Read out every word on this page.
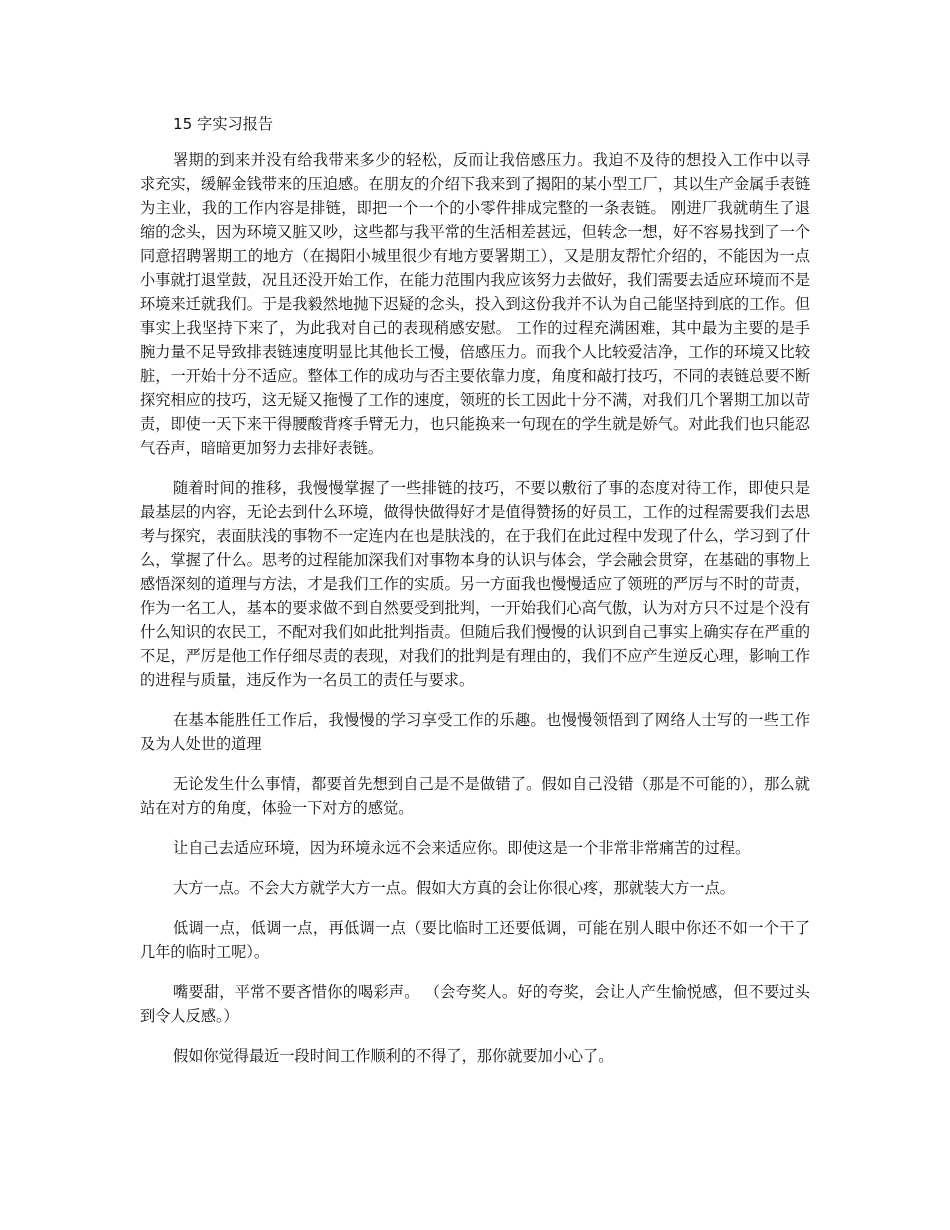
15 字实习报告

署期的到来并没有给我带来多少的轻松，反而让我倍感压力。我迫不及待的想投入工作中以寻求充实，缓解金钱带来的压迫感。在朋友的介绍下我来到了揭阳的某小型工厂，其以生产金属手表链为主业，我的工作内容是排链，即把一个一个的小零件排成完整的一条表链。 刚进厂我就萌生了退缩的念头，因为环境又脏又吵，这些都与我平常的生活相差甚远，但转念一想，好不容易找到了一个同意招聘署期工的地方（在揭阳小城里很少有地方要署期工），又是朋友帮忙介绍的，不能因为一点小事就打退堂鼓，况且还没开始工作，在能力范围内我应该努力去做好，我们需要去适应环境而不是环境来迁就我们。于是我毅然地抛下迟疑的念头，投入到这份我并不认为自己能坚持到底的工作。但事实上我坚持下来了，为此我对自己的表现稍感安慰。 工作的过程充满困难，其中最为主要的是手腕力量不足导致排表链速度明显比其他长工慢，倍感压力。而我个人比较爱洁净，工作的环境又比较脏，一开始十分不适应。整体工作的成功与否主要依靠力度，角度和敲打技巧，不同的表链总要不断探究相应的技巧，这无疑又拖慢了工作的速度，领班的长工因此十分不满，对我们几个署期工加以苛责，即使一天下来干得腰酸背疼手臂无力，也只能换来一句现在的学生就是娇气。对此我们也只能忍气吞声，暗暗更加努力去排好表链。

随着时间的推移，我慢慢掌握了一些排链的技巧，不要以敷衍了事的态度对待工作，即使只是最基层的内容，无论去到什么环境，做得快做得好才是值得赞扬的好员工，工作的过程需要我们去思考与探究，表面肤浅的事物不一定连内在也是肤浅的，在于我们在此过程中发现了什么，学习到了什么，掌握了什么。思考的过程能加深我们对事物本身的认识与体会，学会融会贯穿，在基础的事物上感悟深刻的道理与方法，才是我们工作的实质。另一方面我也慢慢适应了领班的严厉与不时的苛责，作为一名工人，基本的要求做不到自然要受到批判，一开始我们心高气傲，认为对方只不过是个没有什么知识的农民工，不配对我们如此批判指责。但随后我们慢慢的认识到自己事实上确实存在严重的不足，严厉是他工作仔细尽责的表现，对我们的批判是有理由的，我们不应产生逆反心理，影响工作的进程与质量，违反作为一名员工的责任与要求。

在基本能胜任工作后，我慢慢的学习享受工作的乐趣。也慢慢领悟到了网络人士写的一些工作及为人处世的道理

无论发生什么事情，都要首先想到自己是不是做错了。假如自己没错（那是不可能的），那么就站在对方的角度，体验一下对方的感觉。

让自己去适应环境，因为环境永远不会来适应你。即使这是一个非常非常痛苦的过程。

大方一点。不会大方就学大方一点。假如大方真的会让你很心疼，那就装大方一点。

低调一点，低调一点，再低调一点（要比临时工还要低调，可能在别人眼中你还不如一个干了几年的临时工呢）。

嘴要甜，平常不要吝惜你的喝彩声。 （会夸奖人。好的夸奖，会让人产生愉悦感，但不要过头到令人反感。）

假如你觉得最近一段时间工作顺利的不得了，那你就要加小心了。
